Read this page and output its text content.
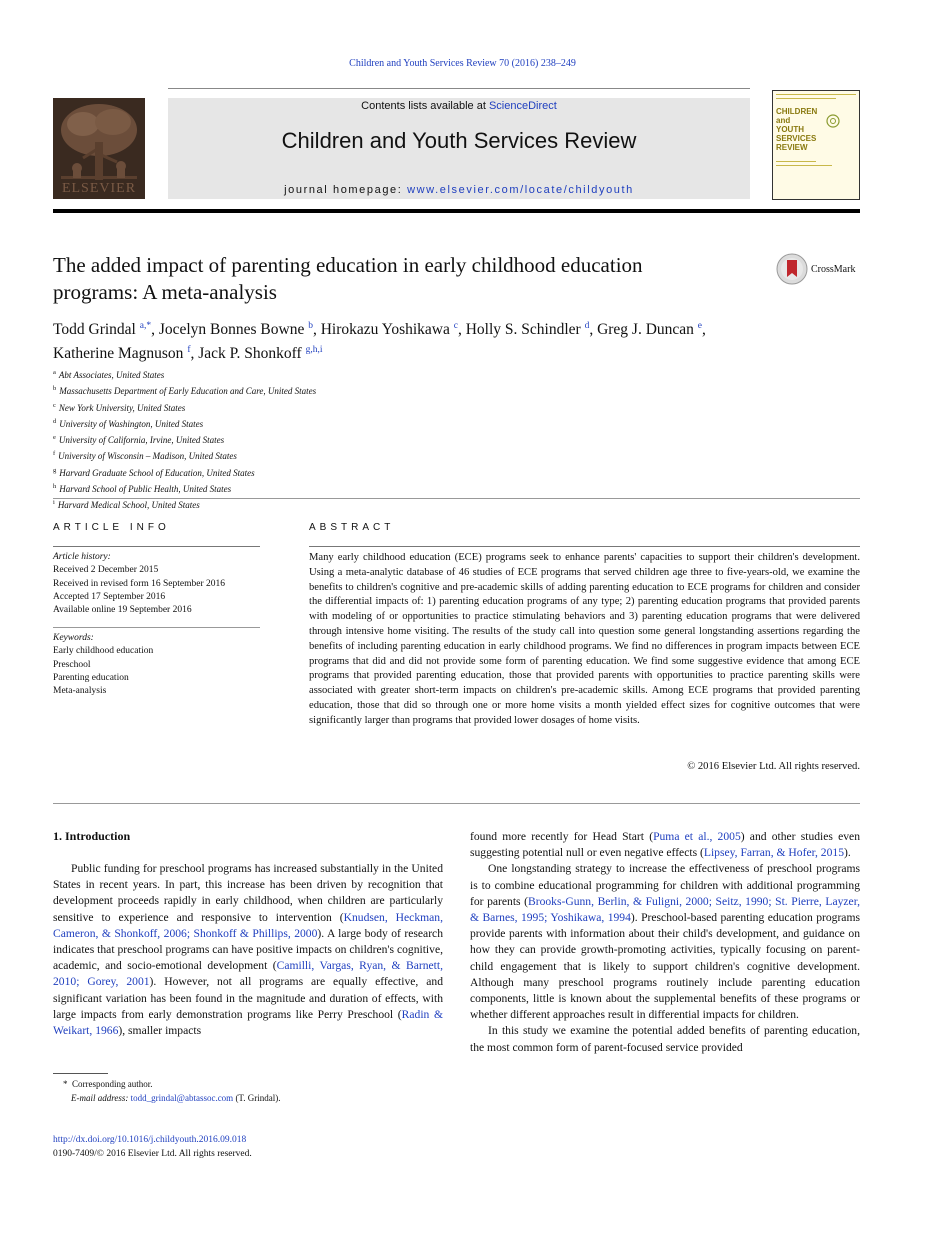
Children and Youth Services Review 70 (2016) 238–249
ELSEVIER
Contents lists available at ScienceDirect
Children and Youth Services Review
journal homepage: www.elsevier.com/locate/childyouth
CHILDREN
and
YOUTH
SERVICES
REVIEW
The added impact of parenting education in early childhood education
programs: A meta-analysis
CrossMark
Todd Grindal $^{a,*}$, Jocelyn Bonnes Bowne $^b$, Hirokazu Yoshikawa $^c$, Holly S. Schindler $^d$, Greg J. Duncan $^e$,
Katherine Magnuson $^f$, Jack P. Shonkoff $^{g,h,i}$
$^a$ Abt Associates, United States
$^b$ Massachusetts Department of Early Education and Care, United States
$^c$ New York University, United States
$^d$ University of Washington, United States
$^e$ University of California, Irvine, United States
$^f$ University of Wisconsin – Madison, United States
$^g$ Harvard Graduate School of Education, United States
$^h$ Harvard School of Public Health, United States
$^i$ Harvard Medical School, United States
ARTICLE INFO
Article history:
Received 2 December 2015
Received in revised form 16 September 2016
Accepted 17 September 2016
Available online 19 September 2016
Keywords:
Early childhood education
Preschool
Parenting education
Meta-analysis
ABSTRACT
Many early childhood education (ECE) programs seek to enhance parents' capacities to support their children's development. Using a meta-analytic database of 46 studies of ECE programs that served children age three to five-years-old, we examine the benefits to children's cognitive and pre-academic skills of adding parenting education to ECE programs for children and consider the differential impacts of: 1) parenting education programs of any type; 2) parenting education programs that provided parents with modeling of or opportunities to practice stimulating behaviors and 3) parenting education programs that were delivered through intensive home visiting. The results of the study call into question some general longstanding assertions regarding the benefits of including parenting education in early childhood programs. We find no differences in program impacts between ECE programs that did and did not provide some form of parenting education. We find some suggestive evidence that among ECE programs that provided parenting education, those that provided parents with opportunities to practice parenting skills were associated with greater short-term impacts on children's pre-academic skills. Among ECE programs that provided parenting education, those that did so through one or more home visits a month yielded effect sizes for cognitive outcomes that were significantly larger than programs that provided lower dosages of home visits.
© 2016 Elsevier Ltd. All rights reserved.
1. Introduction

Public funding for preschool programs has increased substantially in the United States in recent years. In part, this increase has been driven by recognition that development proceeds rapidly in early childhood, when children are particularly sensitive to experience and responsive to intervention (Knudsen, Heckman, Cameron, & Shonkoff, 2006; Shonkoff & Phillips, 2000). A large body of research indicates that preschool programs can have positive impacts on children's cognitive, academic, and socio-emotional development (Camilli, Vargas, Ryan, & Barnett, 2010; Gorey, 2001). However, not all programs are equally effective, and significant variation has been found in the magnitude and duration of effects, with large impacts from early demonstration programs like Perry Preschool (Radin & Weikart, 1966), smaller impacts

found more recently for Head Start (Puma et al., 2005) and other studies even suggesting potential null or even negative effects (Lipsey, Farran, & Hofer, 2015).

One longstanding strategy to increase the effectiveness of preschool programs is to combine educational programming for children with additional programming for parents (Brooks-Gunn, Berlin, & Fuligni, 2000; Seitz, 1990; St. Pierre, Layzer, & Barnes, 1995; Yoshikawa, 1994). Preschool-based parenting education programs provide parents with information about their child's development, and guidance on how they can provide growth-promoting activities, typically focusing on parent-child engagement that is likely to support children's cognitive development. Although many preschool programs routinely include parenting education components, little is known about the supplemental benefits of these programs or whether different approaches result in differential impacts for children.

In this study we examine the potential added benefits of parenting education, the most common form of parent-focused service provided

* Corresponding author.
E-mail address: todd_grindal@abtassoc.com (T. Grindal).
http://dx.doi.org/10.1016/j.childyouth.2016.09.018
0190-7409/© 2016 Elsevier Ltd. All rights reserved.
